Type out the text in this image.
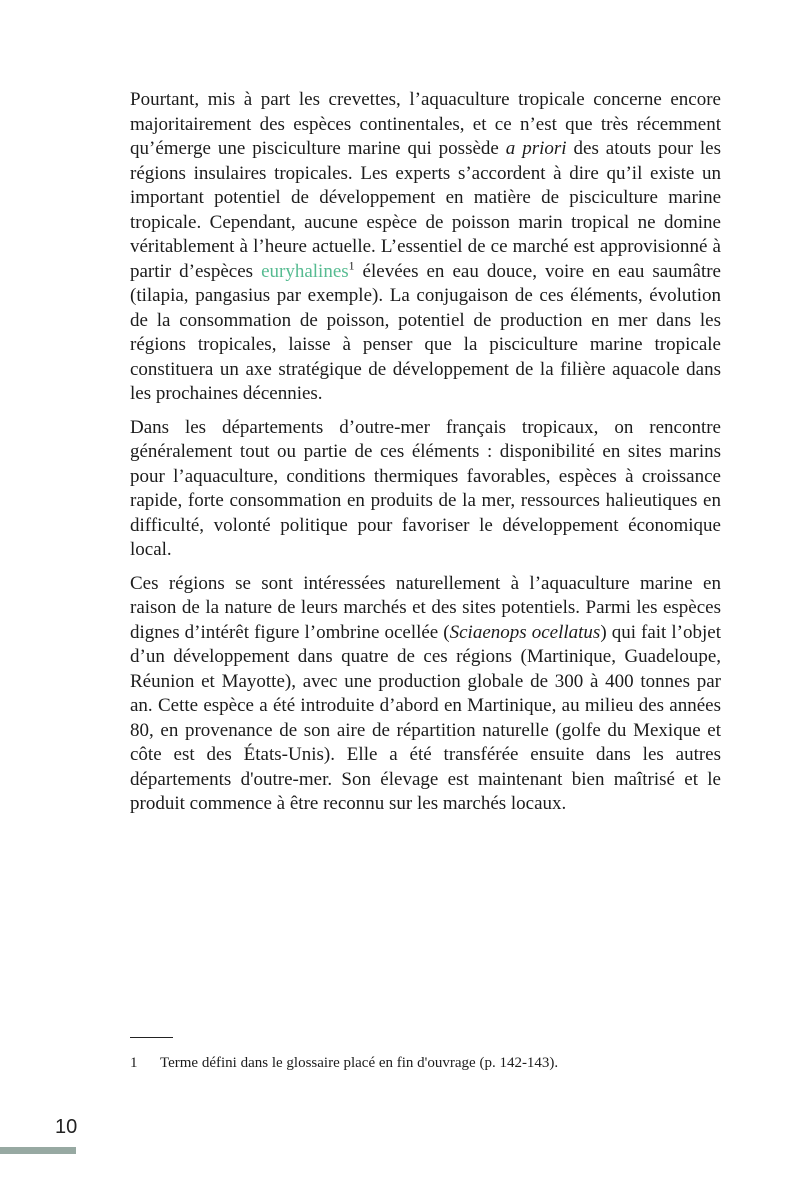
Pourtant, mis à part les crevettes, l’aquaculture tropicale concerne encore majoritairement des espèces continentales, et ce n’est que très récemment qu’émerge une pisciculture marine qui possède a priori des atouts pour les régions insulaires tropicales. Les experts s’accordent à dire qu’il existe un important potentiel de développement en matière de pisciculture marine tropicale. Cependant, aucune espèce de poisson marin tropical ne domine véritablement à l’heure actuelle. L’essentiel de ce marché est approvisionné à partir d’espèces euryhalines$^1$ élevées en eau douce, voire en eau saumâtre (tilapia, pangasius par exemple). La conjugaison de ces éléments, évolution de la consommation de poisson, potentiel de production en mer dans les régions tropicales, laisse à penser que la pisciculture marine tropicale constituera un axe stratégique de développement de la filière aquacole dans les prochaines décennies.

Dans les départements d’outre-mer français tropicaux, on rencontre généralement tout ou partie de ces éléments : disponibilité en sites marins pour l’aquaculture, conditions thermiques favorables, espèces à croissance rapide, forte consommation en produits de la mer, ressources halieutiques en difficulté, volonté politique pour favoriser le développement économique local.

Ces régions se sont intéressées naturellement à l’aquaculture marine en raison de la nature de leurs marchés et des sites potentiels. Parmi les espèces dignes d’intérêt figure l’ombrine ocellée (Sciaenops ocellatus) qui fait l’objet d’un développement dans quatre de ces régions (Martinique, Guadeloupe, Réunion et Mayotte), avec une production globale de 300 à 400 tonnes par an. Cette espèce a été introduite d’abord en Martinique, au milieu des années 80, en provenance de son aire de répartition naturelle (golfe du Mexique et côte est des États-Unis). Elle a été transférée ensuite dans les autres départements d'outre-mer. Son élevage est maintenant bien maîtrisé et le produit commence à être reconnu sur les marchés locaux.

1 Terme défini dans le glossaire placé en fin d'ouvrage (p. 142-143).
10
